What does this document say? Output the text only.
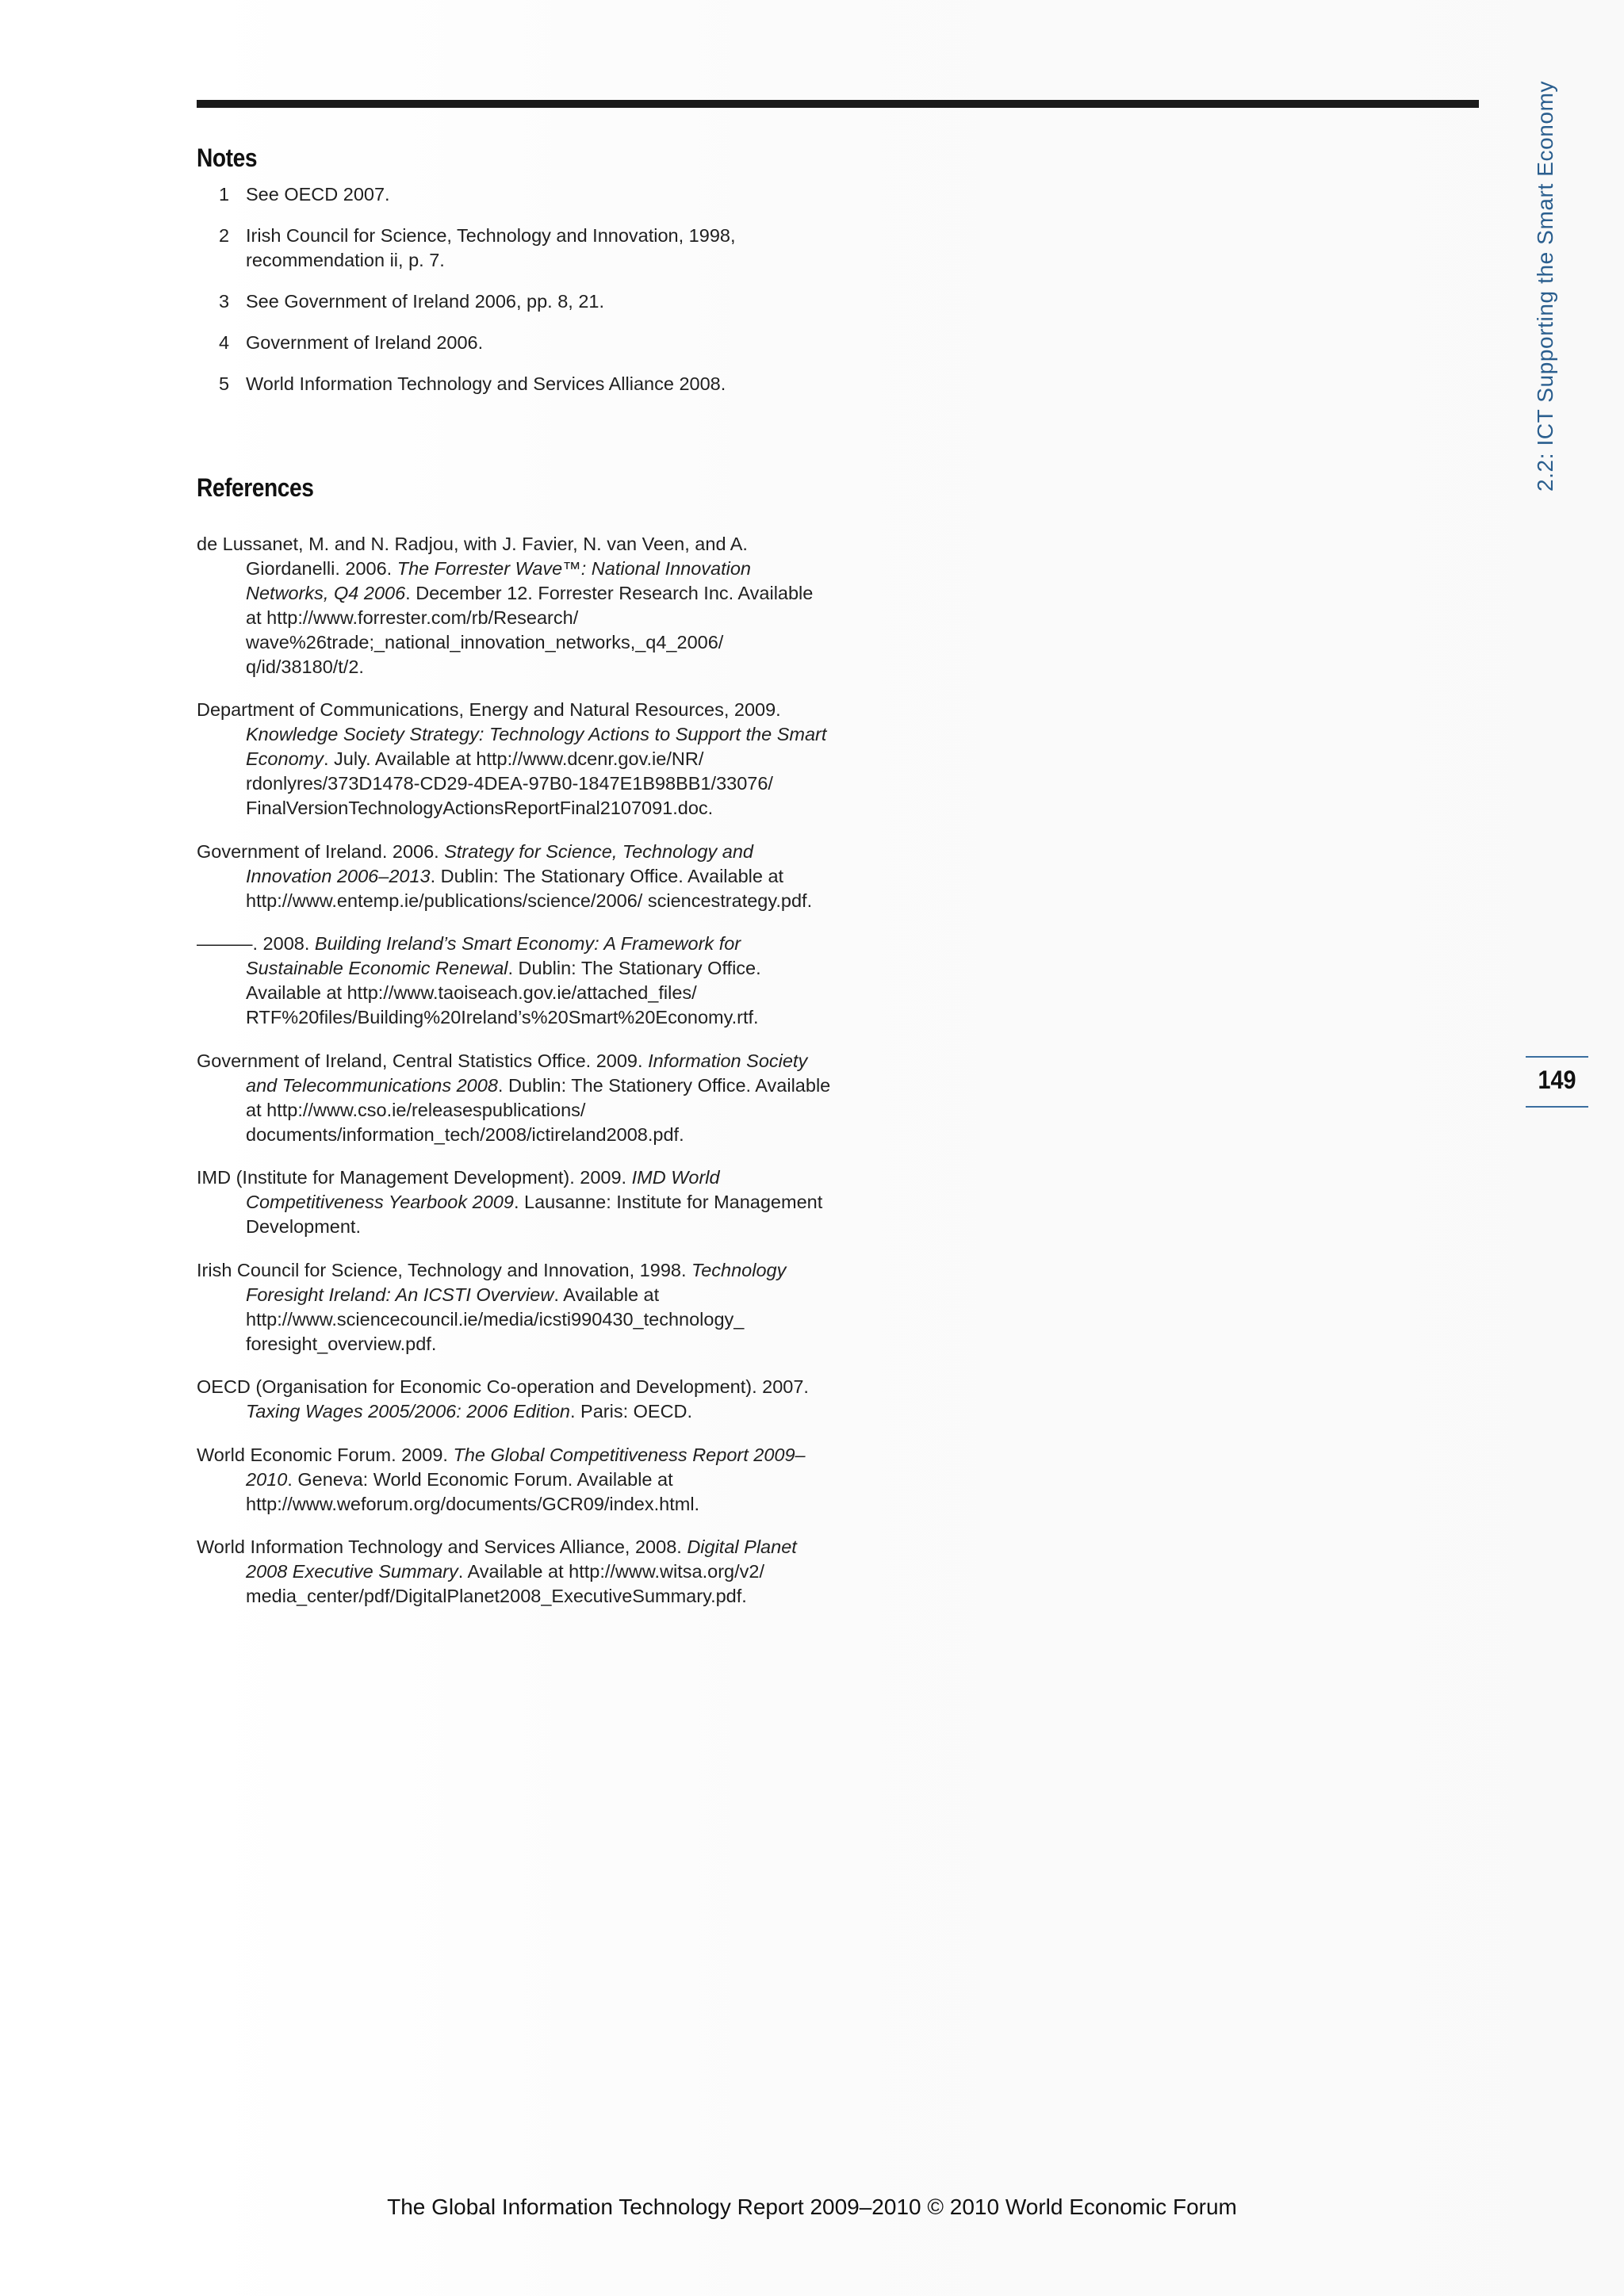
Notes
1 See OECD 2007.
2 Irish Council for Science, Technology and Innovation, 1998, recommendation ii, p. 7.
3 See Government of Ireland 2006, pp. 8, 21.
4 Government of Ireland 2006.
5 World Information Technology and Services Alliance 2008.
References

de Lussanet, M. and N. Radjou, with J. Favier, N. van Veen, and A. Giordanelli. 2006. The Forrester Wave™: National Innovation Networks, Q4 2006. December 12. Forrester Research Inc. Available at http://www.forrester.com/rb/Research/ wave%26trade;_national_innovation_networks,_q4_2006/ q/id/38180/t/2.

Department of Communications, Energy and Natural Resources, 2009. Knowledge Society Strategy: Technology Actions to Support the Smart Economy. July. Available at http://www.dcenr.gov.ie/NR/ rdonlyres/373D1478-CD29-4DEA-97B0-1847E1B98BB1/33076/ FinalVersionTechnologyActionsReportFinal2107091.doc.

Government of Ireland. 2006. Strategy for Science, Technology and Innovation 2006–2013. Dublin: The Stationary Office. Available at http://www.entemp.ie/publications/science/2006/ sciencestrategy.pdf.

———. 2008. Building Ireland’s Smart Economy: A Framework for Sustainable Economic Renewal. Dublin: The Stationary Office. Available at http://www.taoiseach.gov.ie/attached_files/ RTF%20files/Building%20Ireland’s%20Smart%20Economy.rtf.

Government of Ireland, Central Statistics Office. 2009. Information Society and Telecommunications 2008. Dublin: The Stationery Office. Available at http://www.cso.ie/releasespublications/ documents/information_tech/2008/ictireland2008.pdf.

IMD (Institute for Management Development). 2009. IMD World Competitiveness Yearbook 2009. Lausanne: Institute for Management Development.

Irish Council for Science, Technology and Innovation, 1998. Technology Foresight Ireland: An ICSTI Overview. Available at http://www.sciencecouncil.ie/media/icsti990430_technology_ foresight_overview.pdf.

OECD (Organisation for Economic Co-operation and Development). 2007. Taxing Wages 2005/2006: 2006 Edition. Paris: OECD.

World Economic Forum. 2009. The Global Competitiveness Report 2009–2010. Geneva: World Economic Forum. Available at http://www.weforum.org/documents/GCR09/index.html.

World Information Technology and Services Alliance, 2008. Digital Planet 2008 Executive Summary. Available at http://www.witsa.org/v2/ media_center/pdf/DigitalPlanet2008_ExecutiveSummary.pdf.

2.2: ICT Supporting the Smart Economy
149
The Global Information Technology Report 2009–2010 © 2010 World Economic Forum
